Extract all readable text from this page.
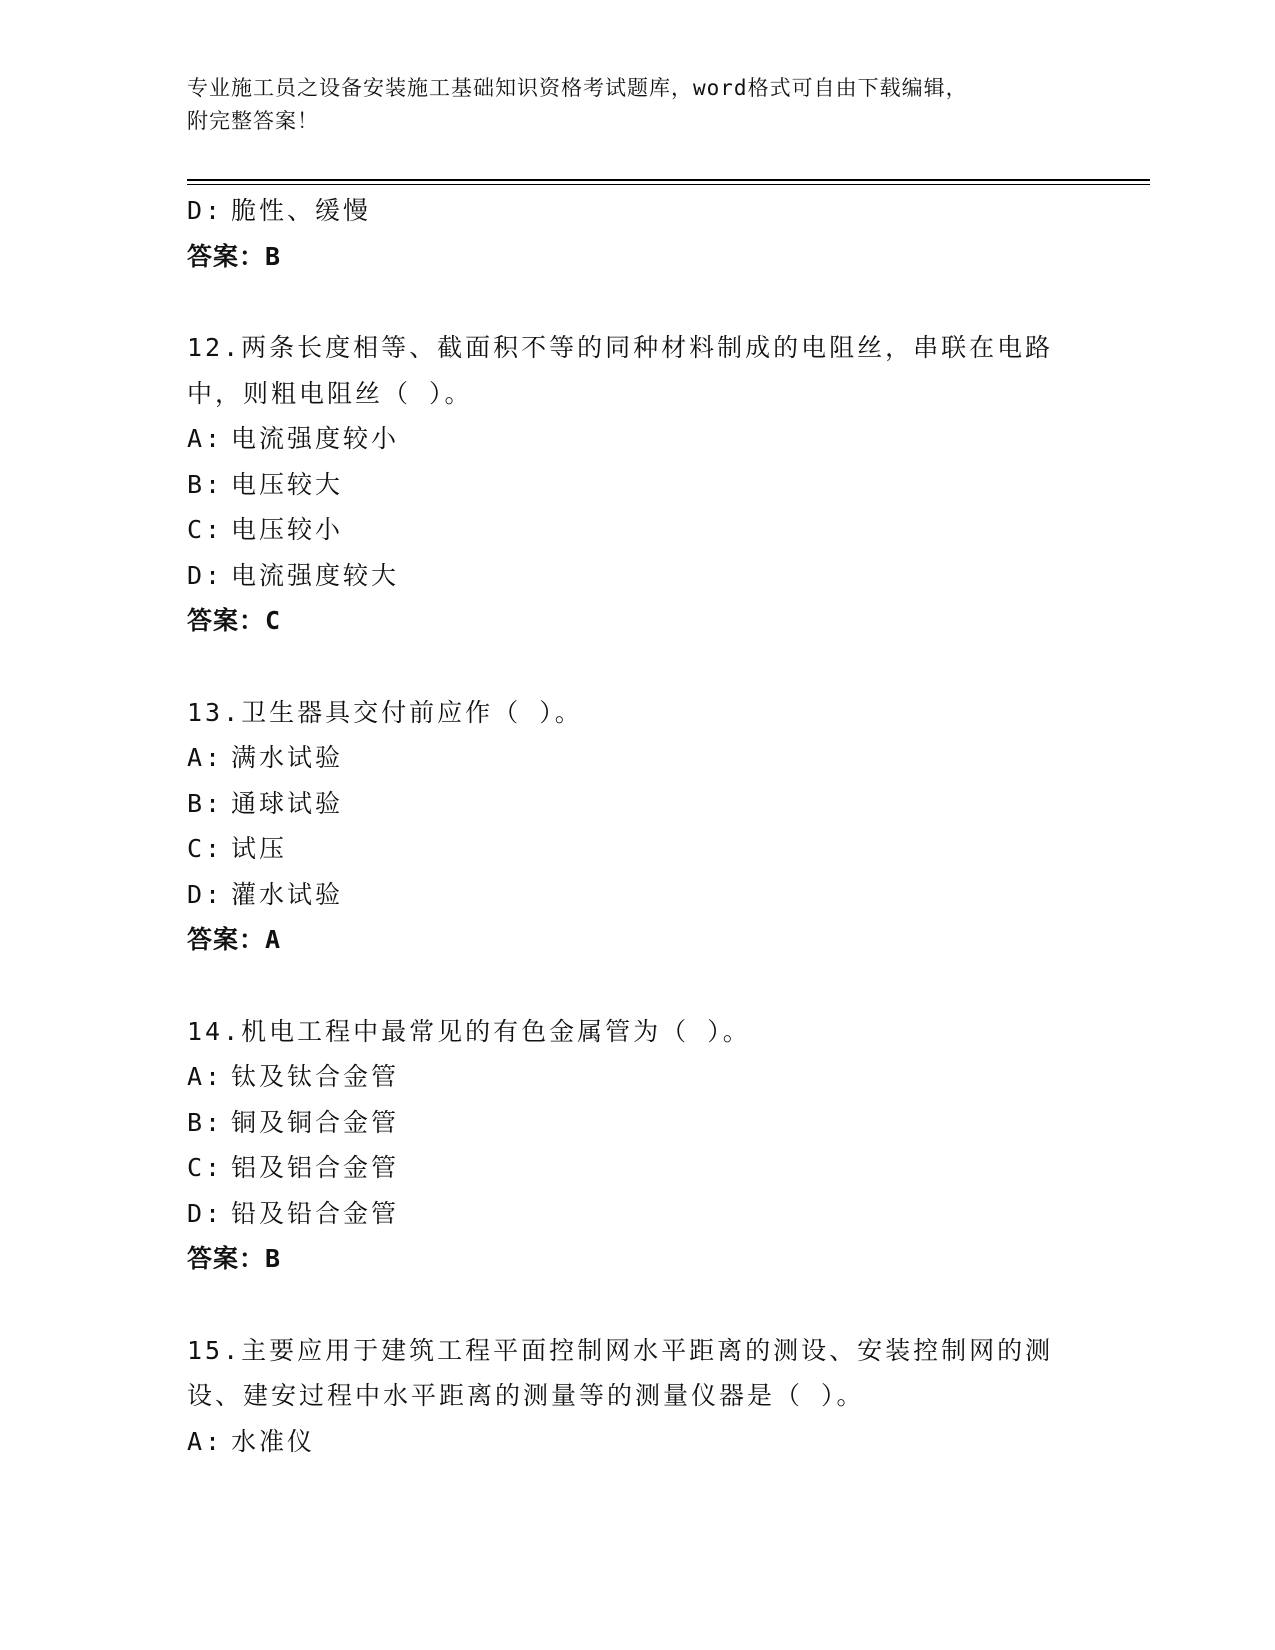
专业施工员之设备安装施工基础知识资格考试题库，word格式可自由下载编辑，
附完整答案！
D: 脆性、缓慢
答案：B
12.两条长度相等、截面积不等的同种材料制成的电阻丝，串联在电路中，则粗电阻丝（ ）。
A: 电流强度较小
B: 电压较大
C: 电压较小
D: 电流强度较大
答案：C
13.卫生器具交付前应作（ ）。
A: 满水试验
B: 通球试验
C: 试压
D: 灌水试验
答案：A
14.机电工程中最常见的有色金属管为（ ）。
A: 钛及钛合金管
B: 铜及铜合金管
C: 铝及铝合金管
D: 铅及铅合金管
答案：B
15.主要应用于建筑工程平面控制网水平距离的测设、安装控制网的测设、建安过程中水平距离的测量等的测量仪器是（ ）。
A: 水准仪
